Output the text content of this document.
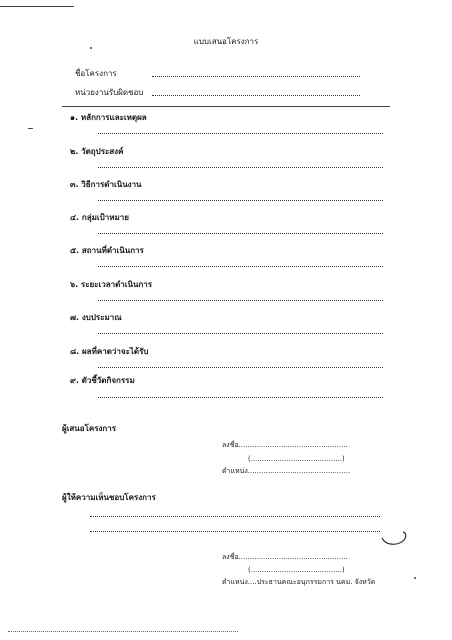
แบบเสนอโครงการ
ชื่อโครงการ
หน่วยงานรับผิดชอบ
๑. หลักการและเหตุผล
๒. วัตถุประสงค์
๓. วิธีการดำเนินงาน
๔. กลุ่มเป้าหมาย
๕. สถานที่ดำเนินการ
๖. ระยะเวลาดำเนินการ
๗. งบประมาณ
๘. ผลที่คาดว่าจะได้รับ
๙. ตัวชี้วัดกิจกรรม
ผู้เสนอโครงการ
ลงชื่อ.................................................
(.........................................)
ตำแหน่ง..............................................
ผู้ให้ความเห็นชอบโครงการ
ลงชื่อ.................................................
(.........................................)
ตำแหน่ง....ประธานคณะอนุกรรมการ นคม. จังหวัด
